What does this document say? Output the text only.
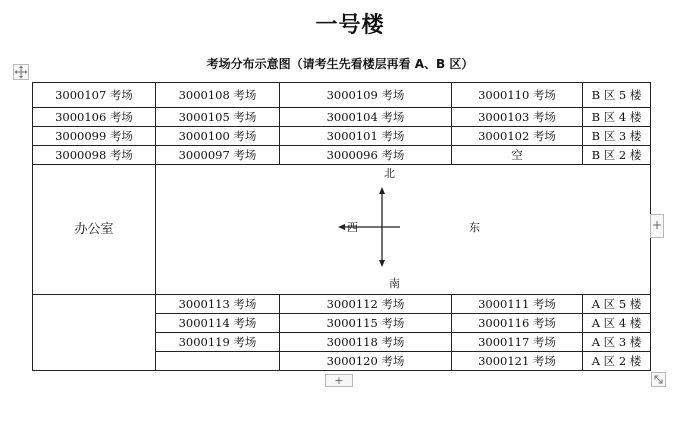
一号楼
考场分布示意图（请考生先看楼层再看 A、B 区）
3000107 考场	3000108 考场	3000109 考场	3000110 考场	B 区 5 楼
3000106 考场	3000105 考场	3000104 考场	3000103 考场	B 区 4 楼
3000099 考场	3000100 考场	3000101 考场	3000102 考场	B 区 3 楼
3000098 考场	3000097 考场	3000096 考场	空	B 区 2 楼
办公室	北
南
西 东			

	3000113 考场	3000112 考场	3000111 考场	A 区 5 楼
	3000114 考场	3000115 考场	3000116 考场	A 区 4 楼
	3000119 考场	3000118 考场	3000117 考场	A 区 3 楼
		3000120 考场	3000121 考场	A 区 2 楼
+
+
